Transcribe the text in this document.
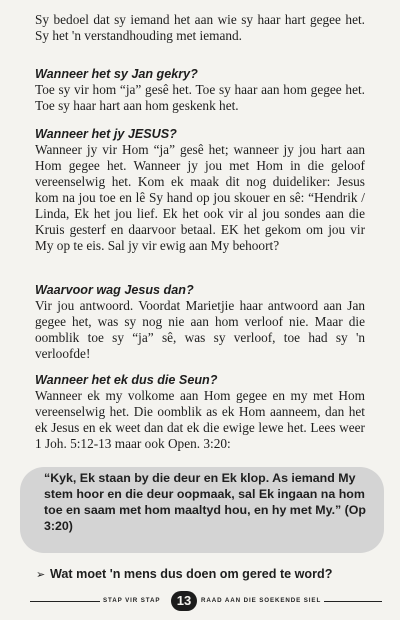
Sy bedoel dat sy iemand het aan wie sy haar hart gegee het. Sy het 'n verstandhouding met iemand.

Wanneer het sy Jan gekry?

Toe sy vir hom “ja” gesê het. Toe sy haar aan hom gegee het. Toe sy haar hart aan hom geskenk het.

Wanneer het jy JESUS?

Wanneer jy vir Hom “ja” gesê het; wanneer jy jou hart aan Hom gegee het. Wanneer jy jou met Hom in die geloof vereenselwig het. Kom ek maak dit nog duideliker: Jesus kom na jou toe en lê Sy hand op jou skouer en sê: “Hendrik / Linda, Ek het jou lief. Ek het ook vir al jou sondes aan die Kruis gesterf en daarvoor betaal. EK het gekom om jou vir My op te eis. Sal jy vir ewig aan My behoort?

Waarvoor wag Jesus dan?

Vir jou antwoord. Voordat Marietjie haar antwoord aan Jan gegee het, was sy nog nie aan hom verloof nie. Maar die oomblik toe sy “ja” sê, was sy verloof, toe had sy 'n verloofde!

Wanneer het ek dus die Seun?

Wanneer ek my volkome aan Hom gegee en my met Hom vereenselwig het. Die oomblik as ek Hom aanneem, dan het ek Jesus en ek weet dan dat ek die ewige lewe het. Lees weer 1 Joh. 5:12-13 maar ook Open. 3:20:

“Kyk, Ek staan by die deur en Ek klop. As iemand My stem hoor en die deur oopmaak, sal Ek ingaan na hom toe en saam met hom maaltyd hou, en hy met My.” (Op 3:20)

➢ Wat moet 'n mens dus doen om gered te word?

STAP VIR STAP	13	RAAD AAN DIE SOEKENDE SIEL
